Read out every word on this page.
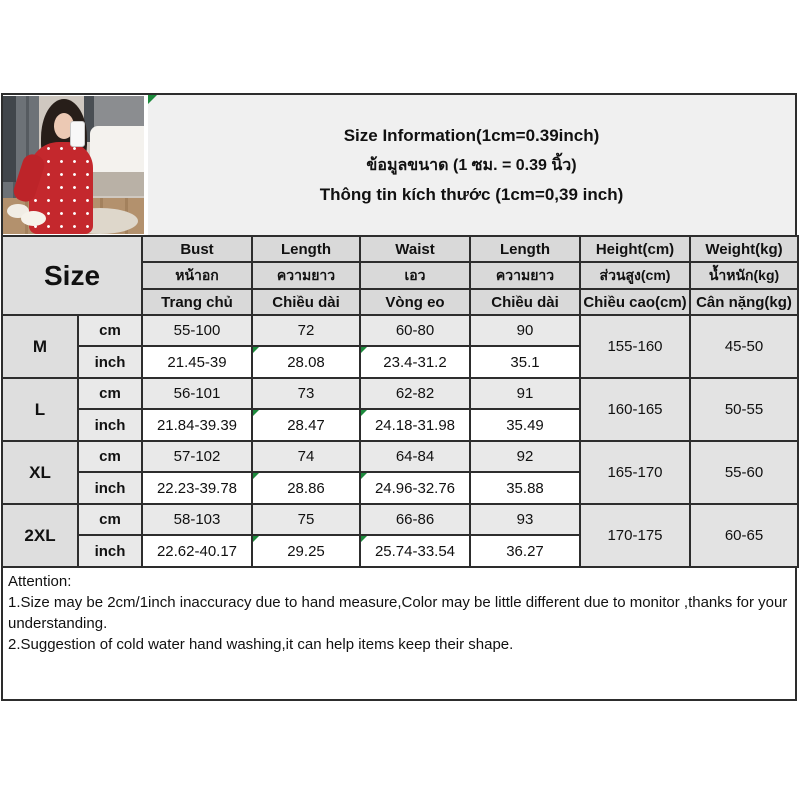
Size Information(1cm=0.39inch)
ข้อมูลขนาด (1 ซม. = 0.39 นิ้ว)
Thông tin kích thước (1cm=0,39 inch)
Size		Bust	Length	Waist	Length	Height(cm)	Weight(kg)
		หน้าอก	ความยาว	เอว	ความยาว	ส่วนสูง(cm)	น้ำหนัก(kg)
		Trang chủ	Chiều dài	Vòng eo	Chiều dài	Chiều cao(cm)	Cân nặng(kg)
M	cm	55-100	72	60-80	90	155-160	45-50
	inch	21.45-39	28.08	23.4-31.2	35.1		
L	cm	56-101	73	62-82	91	160-165	50-55
	inch	21.84-39.39	28.47	24.18-31.98	35.49		
XL	cm	57-102	74	64-84	92	165-170	55-60
	inch	22.23-39.78	28.86	24.96-32.76	35.88		
2XL	cm	58-103	75	66-86	93	170-175	60-65
	inch	22.62-40.17	29.25	25.74-33.54	36.27		

Attention:

1.Size may be 2cm/1inch inaccuracy due to hand measure,Color may be little different due to monitor ,thanks for your understanding.

2.Suggestion of cold water hand washing,it can help items keep their shape.
